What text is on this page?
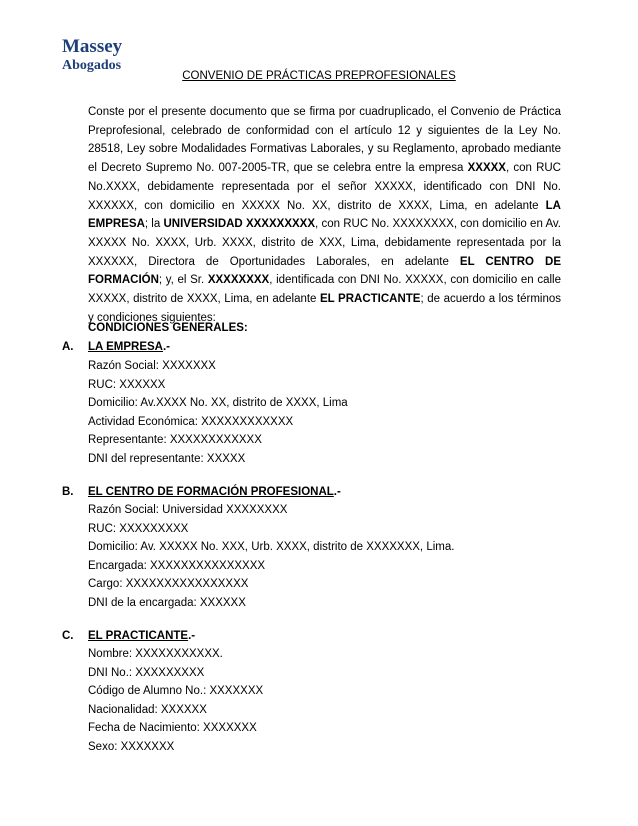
Massey
Abogados
CONVENIO DE PRÁCTICAS PREPROFESIONALES
Conste por el presente documento que se firma por cuadruplicado, el Convenio de Práctica Preprofesional, celebrado de conformidad con el artículo 12 y siguientes de la Ley No. 28518, Ley sobre Modalidades Formativas Laborales, y su Reglamento, aprobado mediante el Decreto Supremo No. 007-2005-TR, que se celebra entre la empresa XXXXX, con RUC No.XXXX, debidamente representada por el señor XXXXX, identificado con DNI No. XXXXXX, con domicilio en XXXXX No. XX, distrito de XXXX, Lima, en adelante LA EMPRESA; la UNIVERSIDAD XXXXXXXXX, con RUC No. XXXXXXXX, con domicilio en Av. XXXXX No. XXXX, Urb. XXXX, distrito de XXX, Lima, debidamente representada por la XXXXXX, Directora de Oportunidades Laborales, en adelante EL CENTRO DE FORMACIÓN; y, el Sr. XXXXXXXX, identificada con DNI No. XXXXX, con domicilio en calle XXXXX, distrito de XXXX, Lima, en adelante EL PRACTICANTE; de acuerdo a los términos y condiciones siguientes:
CONDICIONES GENERALES:
A. LA EMPRESA.-
Razón Social: XXXXXXX
RUC: XXXXXX
Domicilio: Av.XXXX No. XX, distrito de XXXX, Lima
Actividad Económica: XXXXXXXXXXXX
Representante: XXXXXXXXXXXX
DNI del representante: XXXXX
B. EL CENTRO DE FORMACIÓN PROFESIONAL.-
Razón Social: Universidad XXXXXXXX
RUC: XXXXXXXXX
Domicilio: Av. XXXXX No. XXX, Urb. XXXX, distrito de XXXXXXX, Lima.
Encargada: XXXXXXXXXXXXXXX
Cargo: XXXXXXXXXXXXXXXX
DNI de la encargada: XXXXXX
C. EL PRACTICANTE.-
Nombre: XXXXXXXXXXX.
DNI No.: XXXXXXXXX
Código de Alumno No.: XXXXXXX
Nacionalidad: XXXXXX
Fecha de Nacimiento: XXXXXXX
Sexo: XXXXXXX
